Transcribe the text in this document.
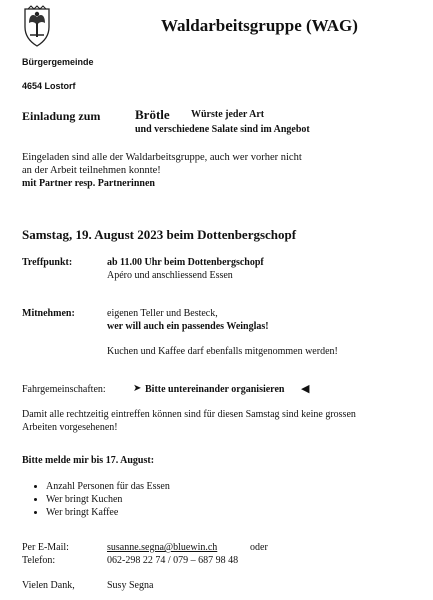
Waldarbeitsgruppe (WAG)
Bürgergemeinde
4654 Lostorf
Einladung zum	Brötle Würste jeder Art
und verschiedene Salate sind im Angebot
Eingeladen sind alle der Waldarbeitsgruppe, auch wer vorher nicht
an der Arbeit teilnehmen konnte!
mit Partner resp. Partnerinnen
Samstag, 19. August 2023 beim Dottenbergschopf
Treffpunkt:	ab 11.00 Uhr beim Dottenbergschopf
Apéro und anschliessend Essen
Mitnehmen:	eigenen Teller und Besteck,
wer will auch ein passendes Weinglas!
Kuchen und Kaffee darf ebenfalls mitgenommen werden!
Fahrgemeinschaften:	➤ Bitte untereinander organisieren ◀
Damit alle rechtzeitig eintreffen können sind für diesen Samstag sind keine grossen
Arbeiten vorgesehenen!
Bitte melde mir bis 17. August:
• Anzahl Personen für das Essen
• Wer bringt Kuchen
• Wer bringt Kaffee
Per E-Mail:	susanne.segna@bluewin.ch	oder
Telefon:	062-298 22 74 / 079 – 687 98 48
Vielen Dank,	Susy Segna
